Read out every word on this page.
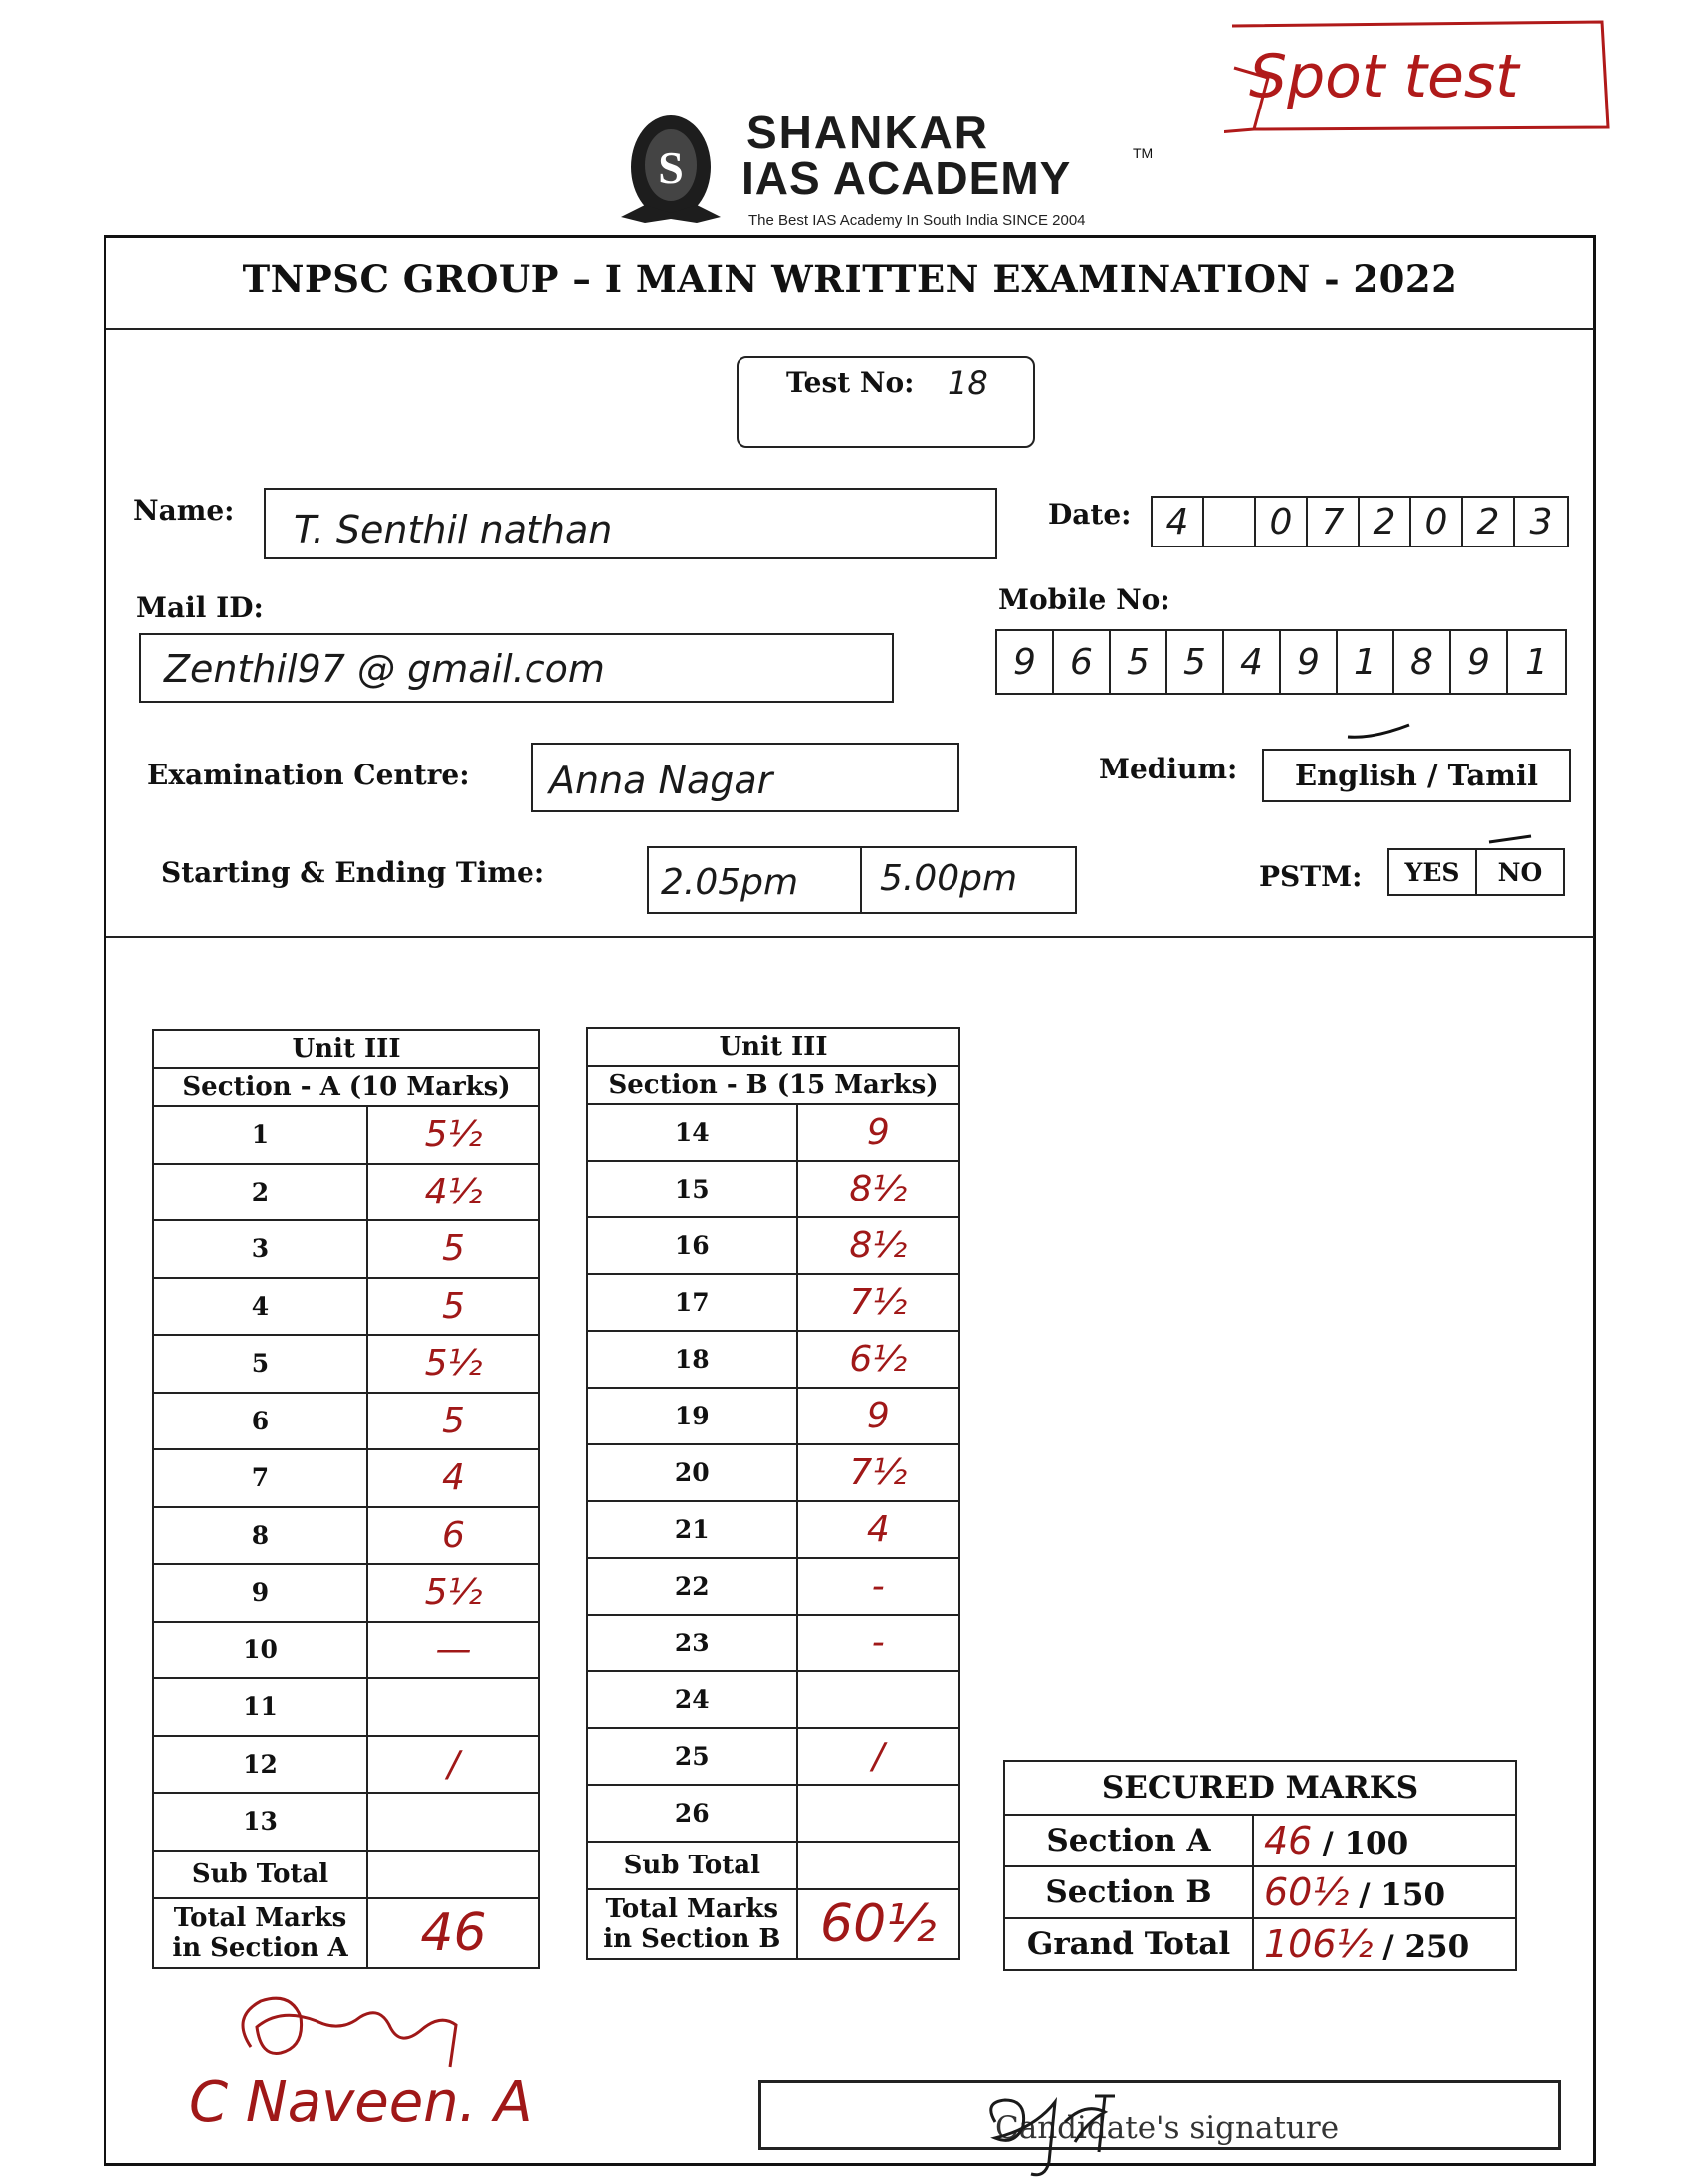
Spot test
S
SHANKAR
IAS ACADEMY	TM
The Best IAS Academy In South India SINCE 2004
TNPSC GROUP – I MAIN WRITTEN EXAMINATION - 2022
Test No: 18
Name: T. Senthil nathan	Date: 4	0 7 2 0 2 3
Mail ID:
Zenthil97 @ gmail.com
Mobile No:
9 6 5 5 4 9 1 8 9 1
Examination Centre: Anna Nagar	Medium:	English / Tamil
Starting & Ending Time:	2.05pm 5.00pm	PSTM:	YES	NO
Unit III	
Section - A (10 Marks)	
1	5½
2	4½
3	5
4	5
5	5½
6	5
7	4
8	6
9	5½
10	—
11	
12	/
13	
Sub Total	

Total Marks
in Section A	46
Unit III	
Section - B (15 Marks)	
14	9
15	8½
16	8½
17	7½
18	6½
19	9
20	7½
21	4
22	-
23	-
24	
25	/
26	
Sub Total	

Total Marks
in Section B	60½
SECURED MARKS	
Section A	46 / 100
Section B	60½ / 150
Grand Total	106½ / 250
C Naveen. A	Candidate's signature
